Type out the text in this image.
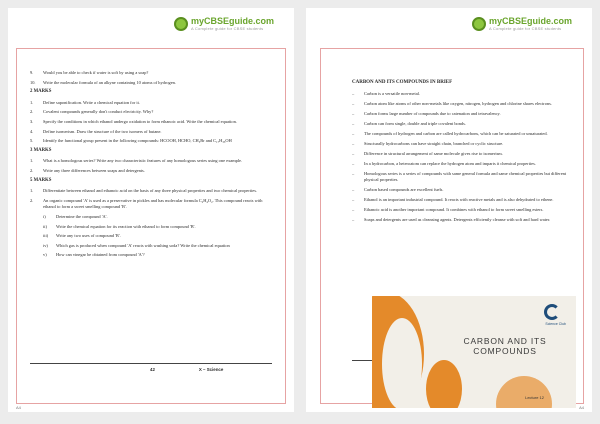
myCBSEguide.com
A Complete guide for CBSE students
9.	Would you be able to check if water is soft by using a soap?
10.	Write the molecular formula of an alkyne containing 10 atoms of hydrogen.
2 MARKS
1.	Define saponification. Write a chemical equation for it.
2.	Covalent compounds generally don't conduct electricity. Why?
3.	Specify the conditions in which ethanol undergo oxidation to form ethanoic acid. Write the chemical equation.
4.	Define isomerism. Draw the structure of the two isomers of butane.
5.	Identify the functional group present in the following compounds: HCOOH, HCHO, CH₃Br and C₁₇H₃₅OH
3 MARKS
1.	What is a homologous series? Write any two characteristic features of any homologous series using one example.
2.	Write any three differences between soaps and detergents.
5 MARKS
1.	Differentiate between ethanol and ethanoic acid on the basis of any three physical properties and two chemical properties.
2.	An organic compound 'A' is used as a preservative in pickles and has molecular formula C₂H₄O₂. This compound reacts with ethanol to form a sweet smelling compound 'B'.
i)	Determine the compound 'A'.
ii)	Write the chemical equation for its reaction with ethanol to form compound 'B'.
iii)	Write any two uses of compound 'B'.
iv)	Which gas is produced when compound 'A' reacts with washing soda? Write the chemical equation
v)	How can vinegar be obtained from compound 'A'?
42	X – Science
A4
myCBSEguide.com
A Complete guide for CBSE students
CARBON AND ITS COMPOUNDS IN BRIEF
–	Carbon is a versatile non-metal.
–	Carbon atom like atoms of other non-metals like oxygen, nitrogen, hydrogen and chlorine shares electrons.
–	Carbon forms large number of compounds due to catenation and tetravalency.
–	Carbon can form single, double and triple covalent bonds.
–	The compounds of hydrogen and carbon are called hydrocarbons, which can be saturated or unsaturated.
–	Structurally hydrocarbons can have straight chain, branched or cyclic structure.
–	Difference in structural arrangement of same molecule gives rise to isomerism.
–	In a hydrocarbon, a heteroatom can replace the hydrogen atom and imparts it chemical properties.
–	Homologous series is a series of compounds with same general formula and same chemical properties but different physical properties.
–	Carbon based compounds are excellent fuels.
–	Ethanol is an important industrial compound. It reacts with reactive metals and is also dehydrated to ethene.
–	Ethanoic acid is another important compound. It combines with ethanol to form sweet smelling esters.
–	Soaps and detergents are used as cleansing agents. Detergents efficiently cleanse with soft and hard water.
Science Club
CARBON AND ITS
COMPOUNDS
Lecture 12
A4
